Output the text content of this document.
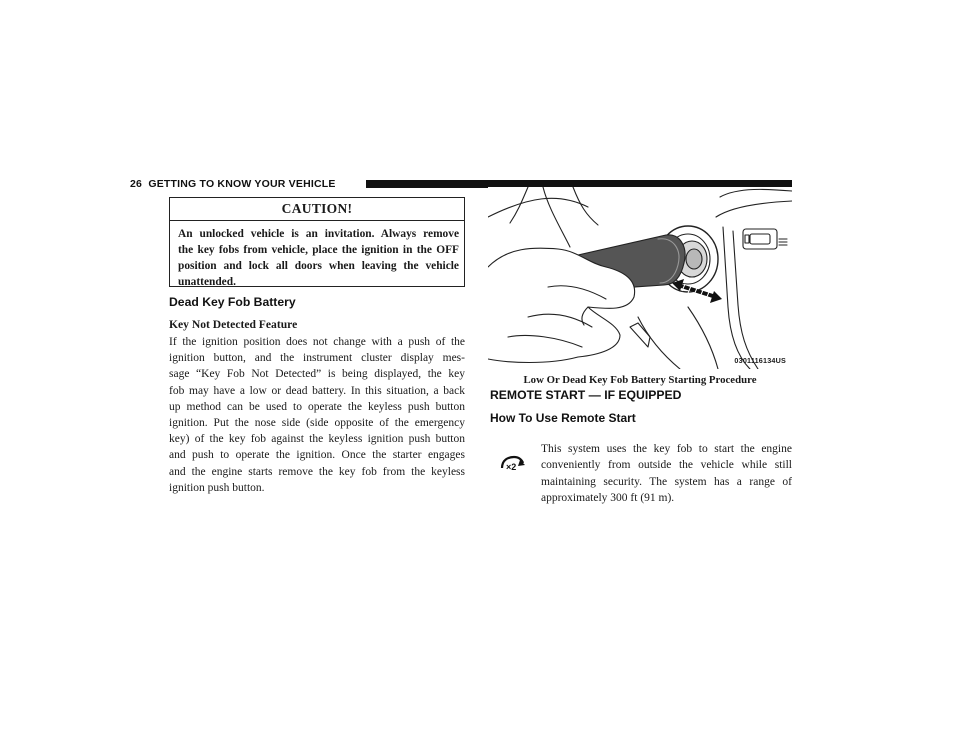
26 GETTING TO KNOW YOUR VEHICLE
CAUTION!
An unlocked vehicle is an invitation. Always remove
the key fobs from vehicle, place the ignition in the OFF
position and lock all doors when leaving the vehicle
unattended.
Dead Key Fob Battery
Key Not Detected Feature
If the ignition position does not change with a push of the
ignition button, and the instrument cluster display mes-
sage “Key Fob Not Detected” is being displayed, the key
fob may have a low or dead battery. In this situation, a back
up method can be used to operate the keyless push button
ignition. Put the nose side (side opposite of the emergency
key) of the key fob against the keyless ignition push button
and push to operate the ignition. Once the starter engages
and the engine starts remove the key fob from the keyless
ignition push button.
0301116134US
Low Or Dead Key Fob Battery Starting Procedure
REMOTE START — IF EQUIPPED
How To Use Remote Start
×2
This system uses the key fob to start the engine
conveniently from outside the vehicle while still
maintaining security. The system has a range of
approximately 300 ft (91 m).
